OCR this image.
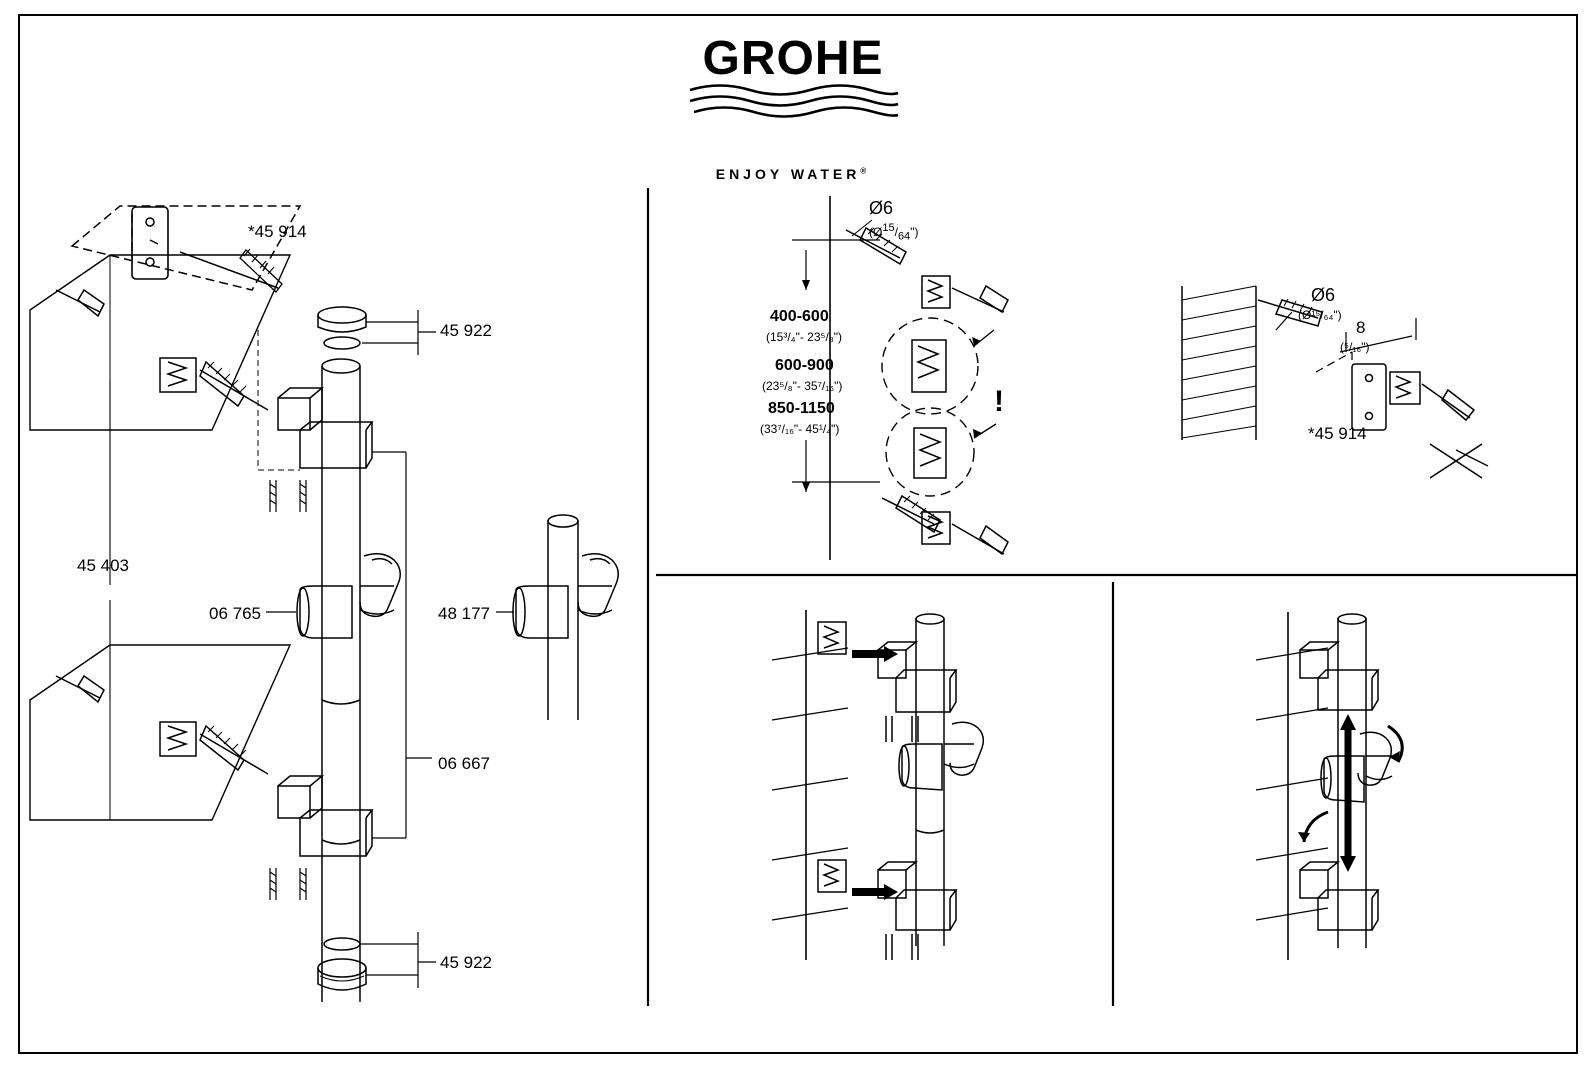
GROHE
ENJOY WATER®
*45 914
45 922
45 403
06 765	48 177
06 667
45 922
Ø6
$(Ø^{15}/_{64}")$
400-600
(15³/₄"- 23⁵/₈")
600-900
(23⁵/₈"- 35⁷/₁₆")
850-1150
(33⁷/₁₆"- 45¹/₄")
!
Ø6
(Ø¹⁵/₆₄")
8
(⁵/₁₆")
*45 914
